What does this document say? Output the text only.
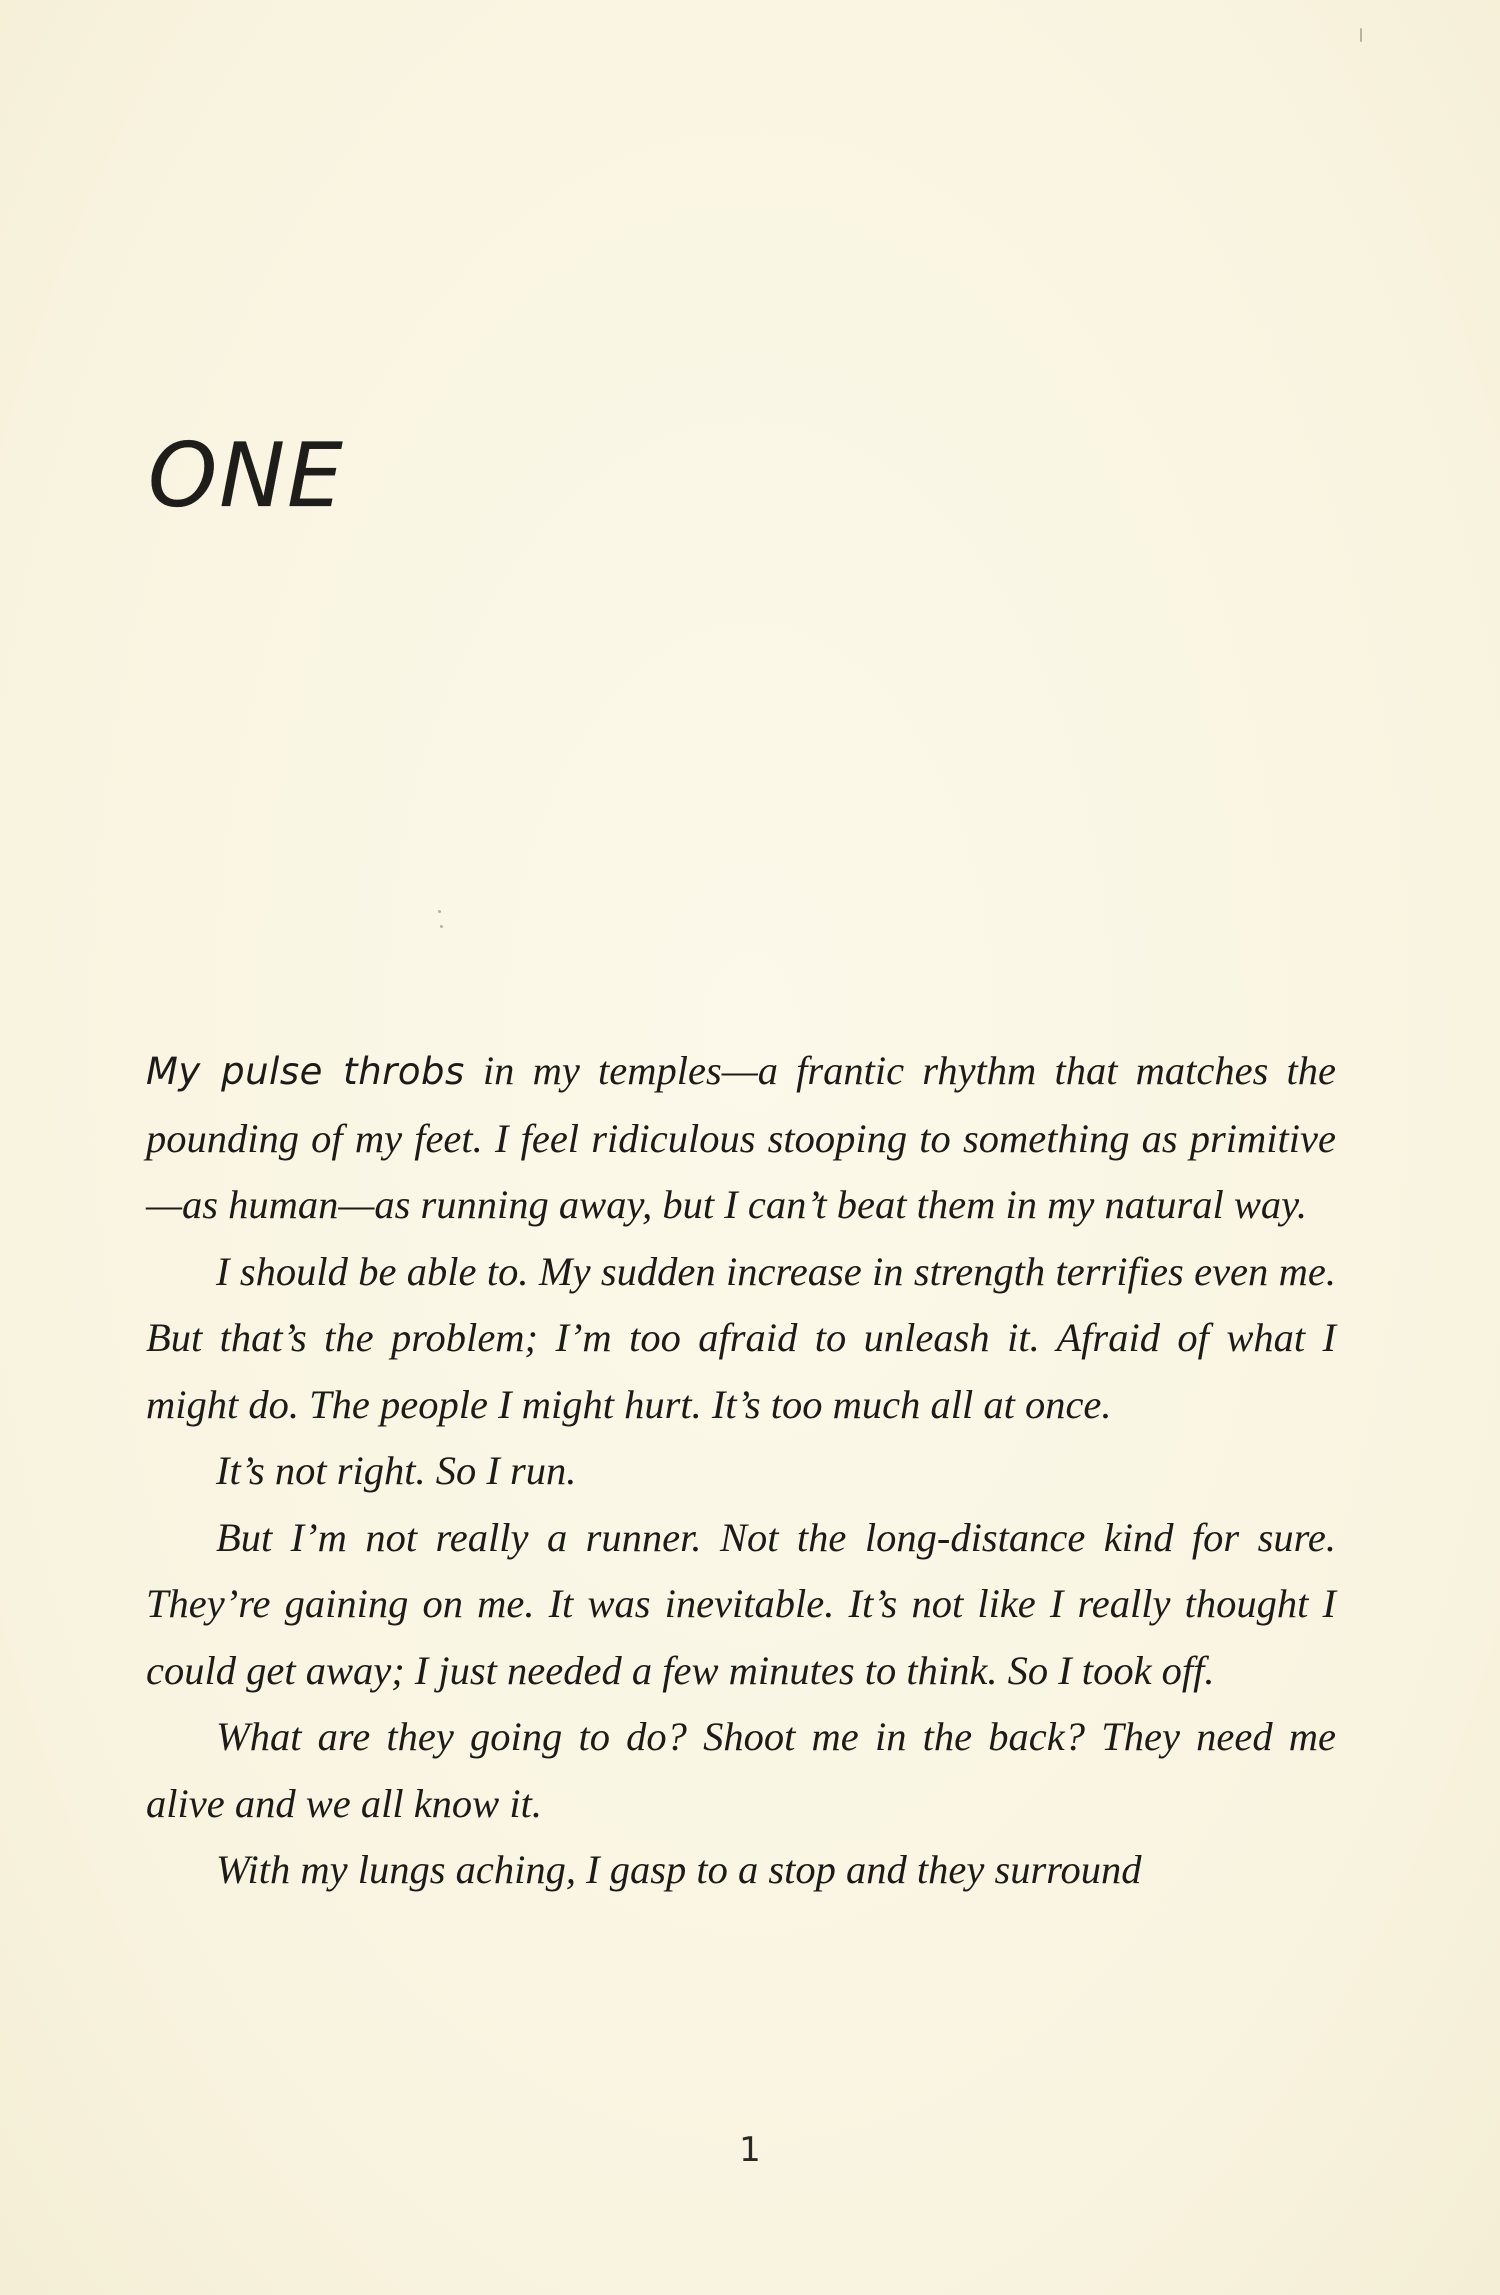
ONE

My pulse throbs in my temples—a frantic rhythm that matches the pounding of my feet. I feel ridiculous stooping to something as primitive—as human—as running away, but I can’t beat them in my natural way.

I should be able to. My sudden increase in strength terrifies even me. But that’s the problem; I’m too afraid to unleash it. Afraid of what I might do. The people I might hurt. It’s too much all at once.

It’s not right. So I run.

But I’m not really a runner. Not the long-distance kind for sure. They’re gaining on me. It was inevitable. It’s not like I really thought I could get away; I just needed a few minutes to think. So I took off.

What are they going to do? Shoot me in the back? They need me alive and we all know it.

With my lungs aching, I gasp to a stop and they surround

1
